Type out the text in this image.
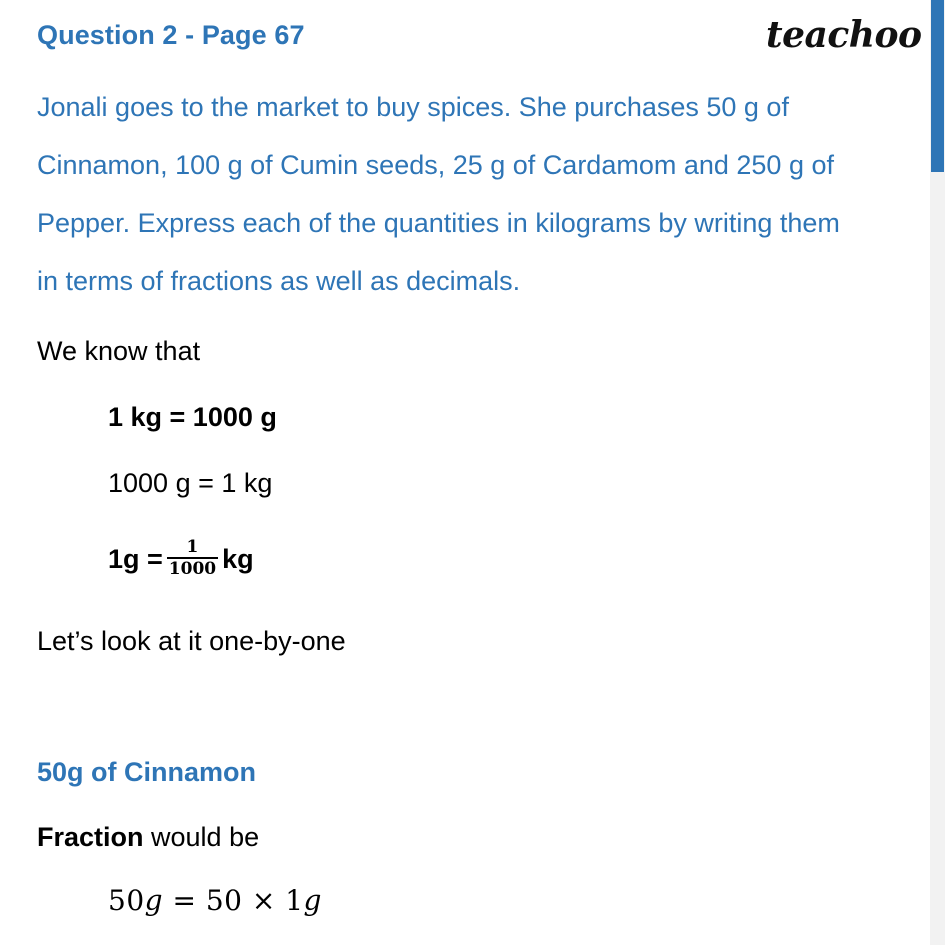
Question 2 - Page 67	teachoo

Jonali goes to the market to buy spices. She purchases 50 g of

Cinnamon, 100 g of Cumin seeds, 25 g of Cardamom and 250 g of

Pepper. Express each of the quantities in kilograms by writing them

in terms of fractions as well as decimals.

We know that
1 kg = 1000 g
1000 g = 1 kg
$1g = \frac{1}{1000}$ kg
Let’s look at it one-by-one
50g of Cinnamon
Fraction would be
50g = 50 × 1g
